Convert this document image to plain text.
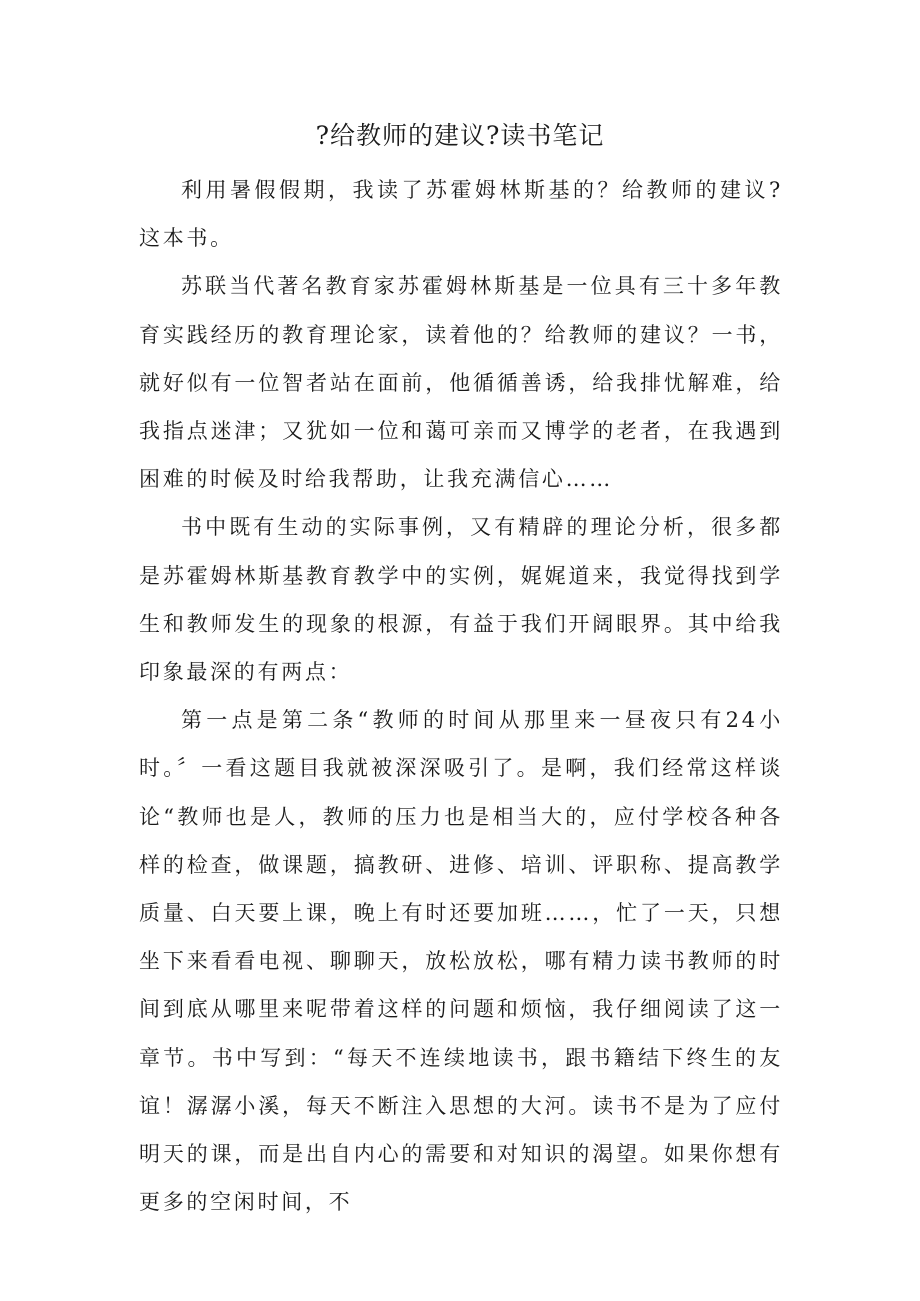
?给教师的建议?读书笔记

利用暑假假期，我读了苏霍姆林斯基的？给教师的建议?这本书。

苏联当代著名教育家苏霍姆林斯基是一位具有三十多年教育实践经历的教育理论家，读着他的？给教师的建议？一书，就好似有一位智者站在面前，他循循善诱，给我排忧解难，给我指点迷津；又犹如一位和蔼可亲而又博学的老者，在我遇到困难的时候及时给我帮助，让我充满信心……

书中既有生动的实际事例，又有精辟的理论分析，很多都是苏霍姆林斯基教育教学中的实例，娓娓道来，我觉得找到学生和教师发生的现象的根源，有益于我们开阔眼界。其中给我印象最深的有两点：

第一点是第二条“教师的时间从那里来一昼夜只有24小时。〞一看这题目我就被深深吸引了。是啊，我们经常这样谈论“教师也是人，教师的压力也是相当大的，应付学校各种各样的检查，做课题，搞教研、进修、培训、评职称、提高教学质量、白天要上课，晚上有时还要加班……，忙了一天，只想坐下来看看电视、聊聊天，放松放松，哪有精力读书教师的时间到底从哪里来呢带着这样的问题和烦恼，我仔细阅读了这一章节。书中写到：“每天不连续地读书，跟书籍结下终生的友谊！潺潺小溪，每天不断注入思想的大河。读书不是为了应付明天的课，而是出自内心的需要和对知识的渴望。如果你想有更多的空闲时间，不
